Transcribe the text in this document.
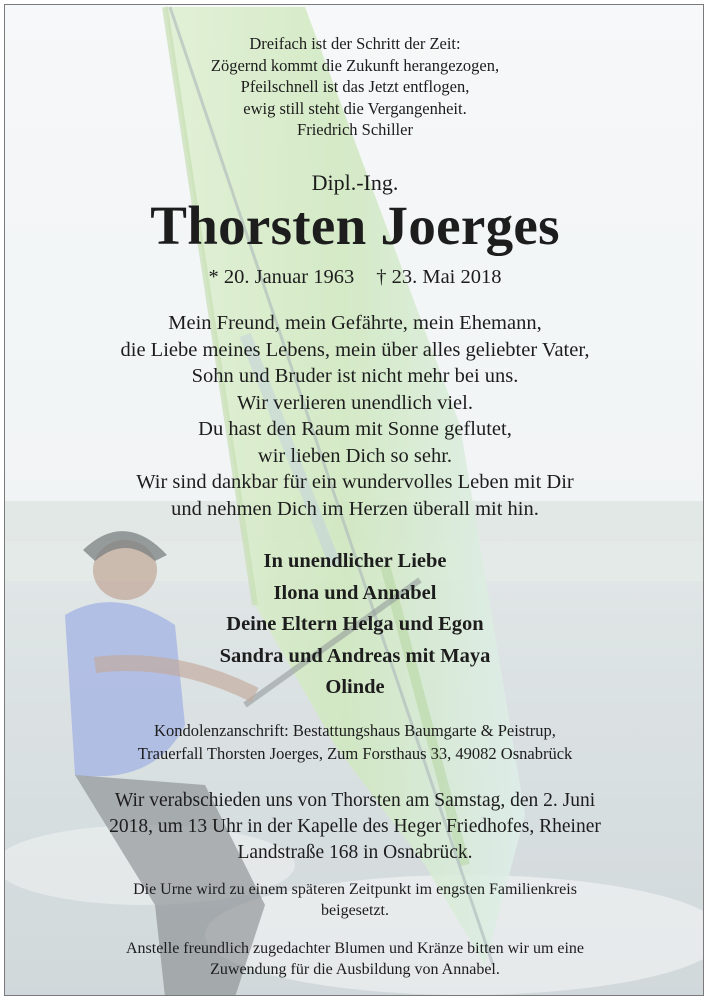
Dreifach ist der Schritt der Zeit:
Zögernd kommt die Zukunft herangezogen,
Pfeilschnell ist das Jetzt entflogen,
ewig still steht die Vergangenheit.
Friedrich Schiller
Dipl.-Ing.
Thorsten Joerges
* 20. Januar 1963 † 23. Mai 2018
Mein Freund, mein Gefährte, mein Ehemann,
die Liebe meines Lebens, mein über alles geliebter Vater,
Sohn und Bruder ist nicht mehr bei uns.
Wir verlieren unendlich viel.
Du hast den Raum mit Sonne geflutet,
wir lieben Dich so sehr.
Wir sind dankbar für ein wundervolles Leben mit Dir
und nehmen Dich im Herzen überall mit hin.
In unendlicher Liebe
Ilona und Annabel
Deine Eltern Helga und Egon
Sandra und Andreas mit Maya
Olinde
Kondolenzanschrift: Bestattungshaus Baumgarte & Peistrup,
Trauerfall Thorsten Joerges, Zum Forsthaus 33, 49082 Osnabrück
Wir verabschieden uns von Thorsten am Samstag, den 2. Juni
2018, um 13 Uhr in der Kapelle des Heger Friedhofes, Rheiner
Landstraße 168 in Osnabrück.
Die Urne wird zu einem späteren Zeitpunkt im engsten Familienkreis
beigesetzt.
Anstelle freundlich zugedachter Blumen und Kränze bitten wir um eine
Zuwendung für die Ausbildung von Annabel.
